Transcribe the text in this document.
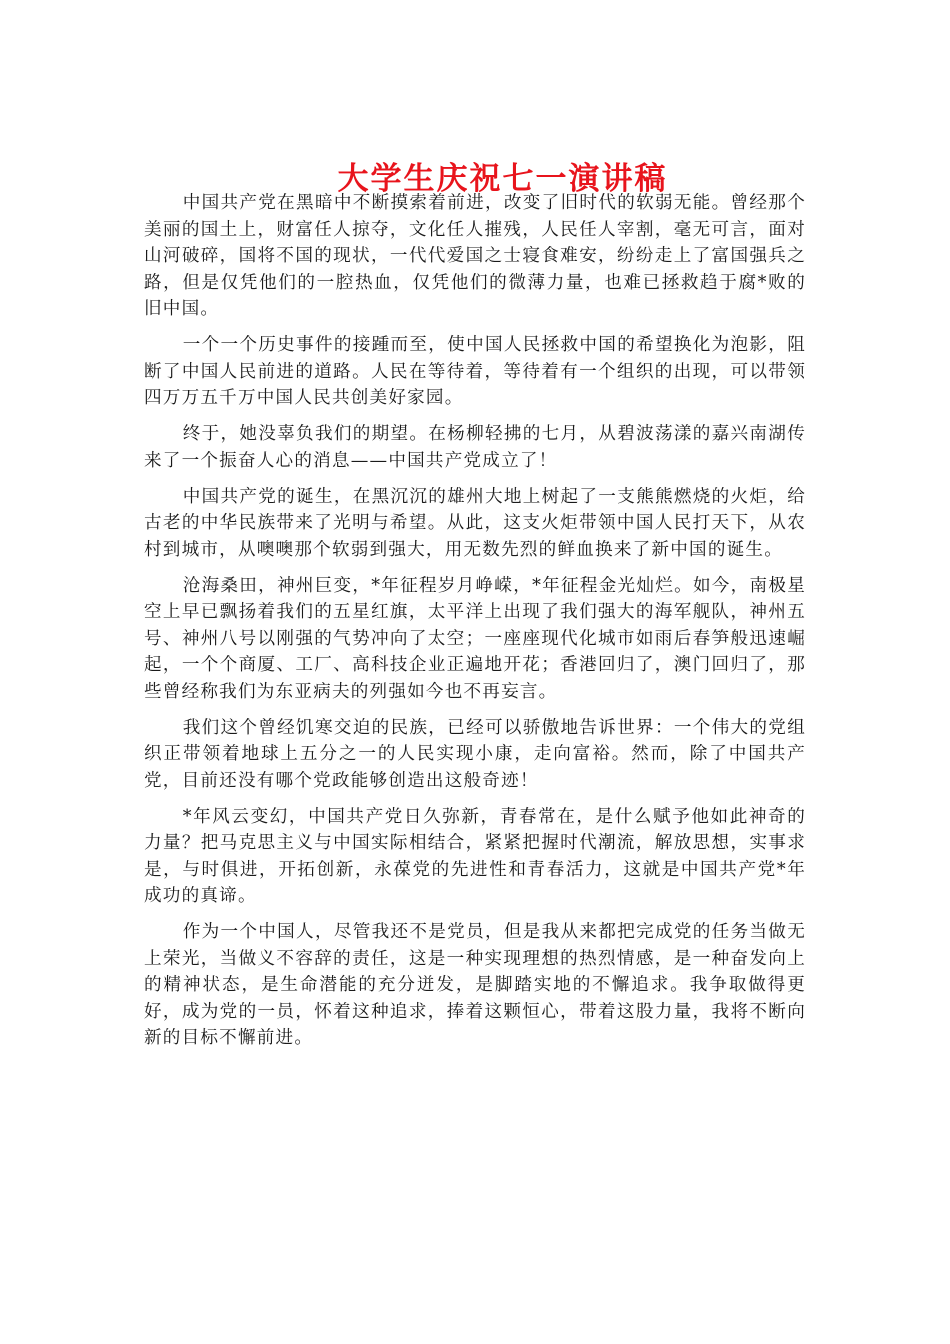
大学生庆祝七一演讲稿

中国共产党在黑暗中不断摸索着前进，改变了旧时代的软弱无能。曾经那个美丽的国土上，财富任人掠夺，文化任人摧残，人民任人宰割，毫无可言，面对山河破碎，国将不国的现状，一代代爱国之士寝食难安，纷纷走上了富国强兵之路，但是仅凭他们的一腔热血，仅凭他们的微薄力量，也难已拯救趋于腐*败的旧中国。

一个一个历史事件的接踵而至，使中国人民拯救中国的希望换化为泡影，阻断了中国人民前进的道路。人民在等待着，等待着有一个组织的出现，可以带领四万万五千万中国人民共创美好家园。

终于，她没辜负我们的期望。在杨柳轻拂的七月，从碧波荡漾的嘉兴南湖传来了一个振奋人心的消息——中国共产党成立了！

中国共产党的诞生，在黑沉沉的雄州大地上树起了一支熊熊燃烧的火炬，给古老的中华民族带来了光明与希望。从此，这支火炬带领中国人民打天下，从农村到城市，从噢噢那个软弱到强大，用无数先烈的鲜血换来了新中国的诞生。

沧海桑田，神州巨变，*年征程岁月峥嵘，*年征程金光灿烂。如今，南极星空上早已飘扬着我们的五星红旗，太平洋上出现了我们强大的海军舰队，神州五号、神州八号以刚强的气势冲向了太空；一座座现代化城市如雨后春笋般迅速崛起，一个个商厦、工厂、高科技企业正遍地开花；香港回归了，澳门回归了，那些曾经称我们为东亚病夫的列强如今也不再妄言。

我们这个曾经饥寒交迫的民族，已经可以骄傲地告诉世界：一个伟大的党组织正带领着地球上五分之一的人民实现小康，走向富裕。然而，除了中国共产党，目前还没有哪个党政能够创造出这般奇迹！

*年风云变幻，中国共产党日久弥新，青春常在，是什么赋予他如此神奇的力量？把马克思主义与中国实际相结合，紧紧把握时代潮流，解放思想，实事求是，与时俱进，开拓创新，永葆党的先进性和青春活力，这就是中国共产党*年成功的真谛。

作为一个中国人，尽管我还不是党员，但是我从来都把完成党的任务当做无上荣光，当做义不容辞的责任，这是一种实现理想的热烈情感，是一种奋发向上的精神状态，是生命潜能的充分迸发，是脚踏实地的不懈追求。我争取做得更好，成为党的一员，怀着这种追求，捧着这颗恒心，带着这股力量，我将不断向新的目标不懈前进。
